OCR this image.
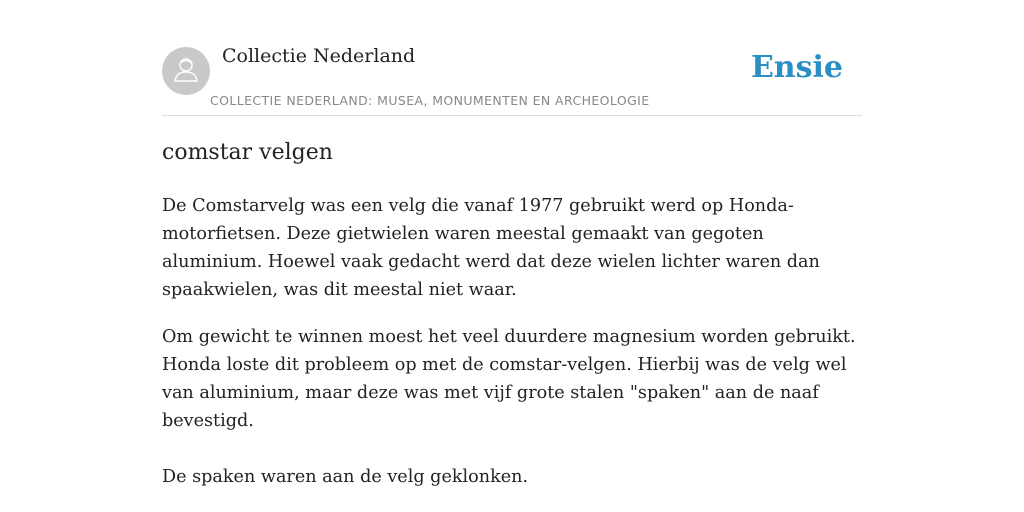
Collectie Nederland
COLLECTIE NEDERLAND: MUSEA, MONUMENTEN EN ARCHEOLOGIE
Ensie
comstar velgen

De Comstarvelg was een velg die vanaf 1977 gebruikt werd op Honda-motorfietsen. Deze gietwielen waren meestal gemaakt van gegoten aluminium. Hoewel vaak gedacht werd dat deze wielen lichter waren dan spaakwielen, was dit meestal niet waar.

Om gewicht te winnen moest het veel duurdere magnesium worden gebruikt. Honda loste dit probleem op met de comstar-velgen. Hierbij was de velg wel van aluminium, maar deze was met vijf grote stalen "spaken" aan de naaf bevestigd.

De spaken waren aan de velg geklonken.
